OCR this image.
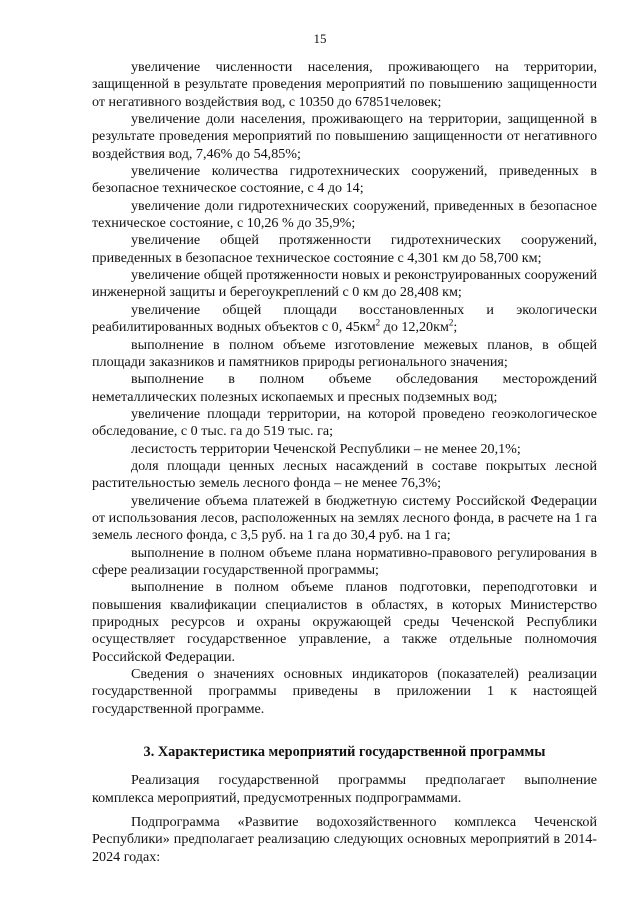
15

увеличение численности населения, проживающего на территории, защищенной в результате проведения мероприятий по повышению защищенности от негативного воздействия вод, с 10350 до 67851человек;

увеличение доли населения, проживающего на территории, защищенной в результате проведения мероприятий по повышению защищенности от негативного воздействия вод, 7,46% до 54,85%;

увеличение количества гидротехнических сооружений, приведенных в безопасное техническое состояние, с 4 до 14;

увеличение доли гидротехнических сооружений, приведенных в безопасное техническое состояние, с 10,26 % до 35,9%;

увеличение общей протяженности гидротехнических сооружений, приведенных в безопасное техническое состояние с 4,301 км до 58,700 км;

увеличение общей протяженности новых и реконструированных сооружений инженерной защиты и берегоукреплений с 0 км до 28,408 км;

увеличение общей площади восстановленных и экологически реабилитированных водных объектов с 0, $45км^2$ до $12,20км^2$;

выполнение в полном объеме изготовление межевых планов, в общей площади заказников и памятников природы регионального значения;

выполнение в полном объеме обследования месторождений неметаллических полезных ископаемых и пресных подземных вод;

увеличение площади территории, на которой проведено геоэкологическое обследование, с 0 тыс. га до 519 тыс. га;

лесистость территории Чеченской Республики – не менее 20,1%;

доля площади ценных лесных насаждений в составе покрытых лесной растительностью земель лесного фонда – не менее 76,3%;

увеличение объема платежей в бюджетную систему Российской Федерации от использования лесов, расположенных на землях лесного фонда, в расчете на 1 га земель лесного фонда, с 3,5 руб. на 1 га до 30,4 руб. на 1 га;

выполнение в полном объеме плана нормативно-правового регулирования в сфере реализации государственной программы;

выполнение в полном объеме планов подготовки, переподготовки и повышения квалификации специалистов в областях, в которых Министерство природных ресурсов и охраны окружающей среды Чеченской Республики осуществляет государственное управление, а также отдельные полномочия Российской Федерации.

Сведения о значениях основных индикаторов (показателей) реализации государственной программы приведены в приложении 1 к настоящей государственной программе.

3. Характеристика мероприятий государственной программы

Реализация государственной программы предполагает выполнение комплекса мероприятий, предусмотренных подпрограммами.

Подпрограмма «Развитие водохозяйственного комплекса Чеченской Республики» предполагает реализацию следующих основных мероприятий в 2014-2024 годах:
